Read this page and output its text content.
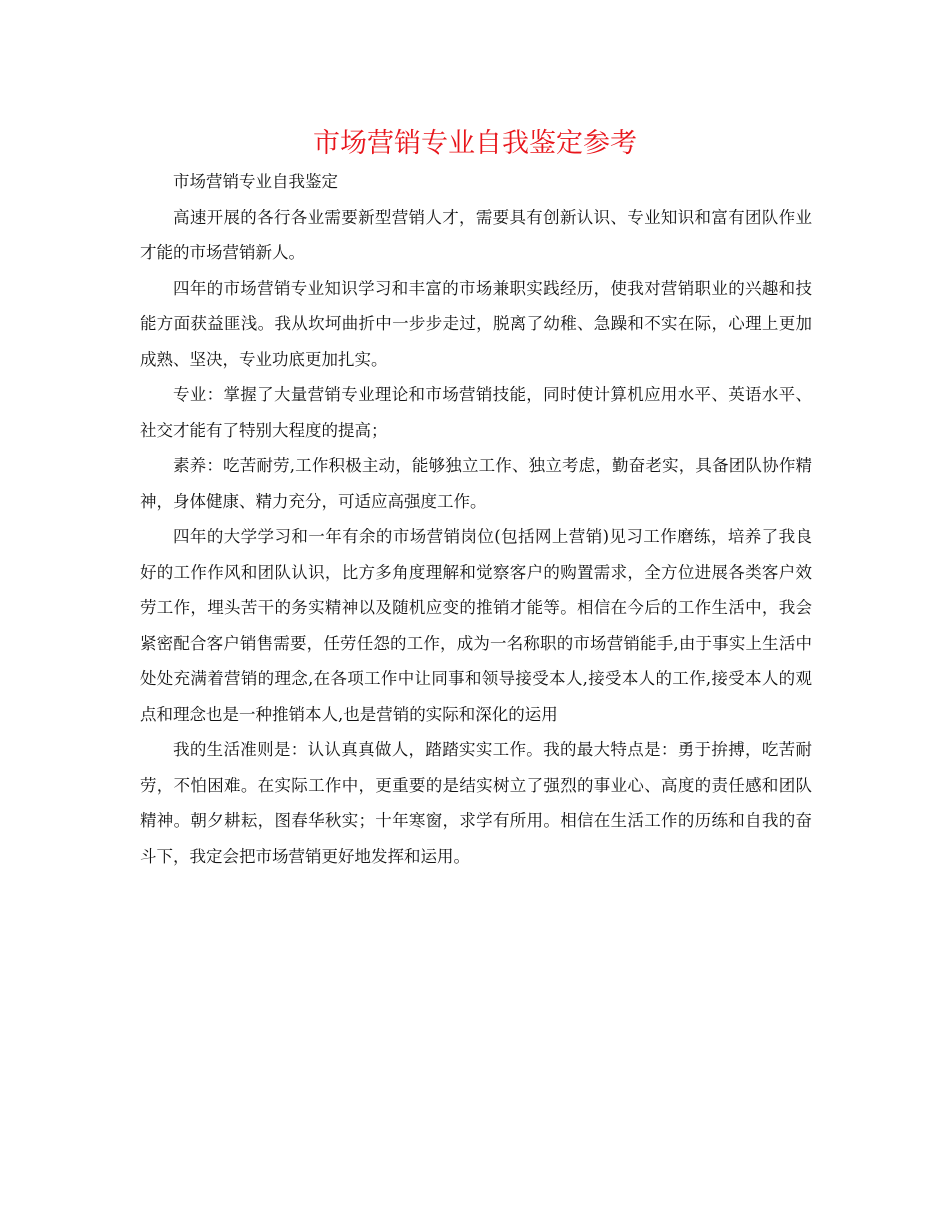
市场营销专业自我鉴定参考

市场营销专业自我鉴定

高速开展的各行各业需要新型营销人才，需要具有创新认识、专业知识和富有团队作业才能的市场营销新人。

四年的市场营销专业知识学习和丰富的市场兼职实践经历，使我对营销职业的兴趣和技能方面获益匪浅。我从坎坷曲折中一步步走过，脱离了幼稚、急躁和不实在际，心理上更加成熟、坚决，专业功底更加扎实。

专业：掌握了大量营销专业理论和市场营销技能，同时使计算机应用水平、英语水平、社交才能有了特别大程度的提高；

素养：吃苦耐劳,工作积极主动，能够独立工作、独立考虑，勤奋老实，具备团队协作精神，身体健康、精力充分，可适应高强度工作。

四年的大学学习和一年有余的市场营销岗位(包括网上营销)见习工作磨练，培养了我良好的工作作风和团队认识，比方多角度理解和觉察客户的购置需求，全方位进展各类客户效劳工作，埋头苦干的务实精神以及随机应变的推销才能等。相信在今后的工作生活中，我会紧密配合客户销售需要，任劳任怨的工作，成为一名称职的市场营销能手,由于事实上生活中处处充满着营销的理念,在各项工作中让同事和领导接受本人,接受本人的工作,接受本人的观点和理念也是一种推销本人,也是营销的实际和深化的运用

我的生活准则是：认认真真做人，踏踏实实工作。我的最大特点是：勇于拚搏，吃苦耐劳，不怕困难。在实际工作中，更重要的是结实树立了强烈的事业心、高度的责任感和团队精神。朝夕耕耘，图春华秋实；十年寒窗，求学有所用。相信在生活工作的历练和自我的奋斗下，我定会把市场营销更好地发挥和运用。
